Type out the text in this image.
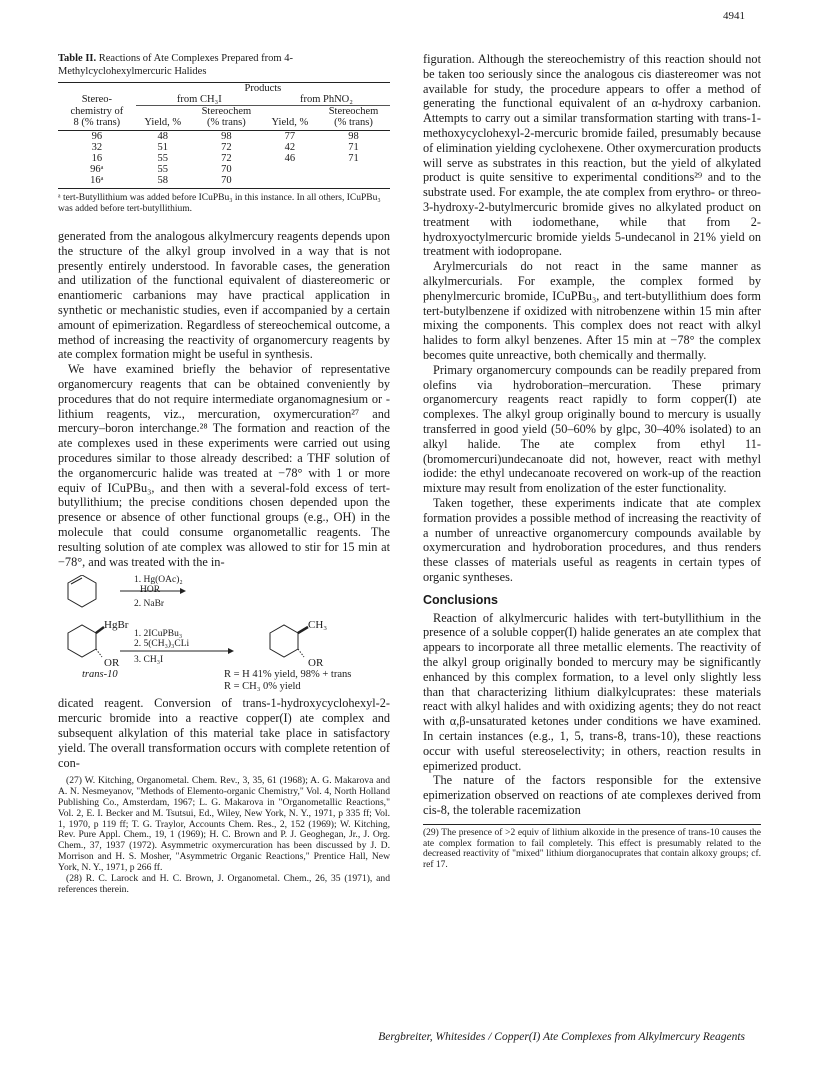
4941
Table II. Reactions of Ate Complexes Prepared from 4-Methylcyclohexylmercuric Halides
	Products			
Stereo-	from CH₃I		from PhNO₂	
chemistry of		Stereochem		Stereochem
8 (% trans)	Yield, %	(% trans)	Yield, %	(% trans)
96	48	98	77	98
32	51	72	42	71
16	55	72	46	71
96ᵃ	55	70		
16ᵃ	58	70		
ᵃ tert-Butyllithium was added before ICuPBu₃ in this instance. In all others, ICuPBu₃ was added before tert-butyllithium.

generated from the analogous alkylmercury reagents depends upon the structure of the alkyl group involved in a way that is not presently entirely understood. In favorable cases, the generation and utilization of the functional equivalent of diastereomeric or enantiomeric carbanions may have practical application in synthetic or mechanistic studies, even if accompanied by a certain amount of epimerization. Regardless of stereochemical outcome, a method of increasing the reactivity of organomercury reagents by ate complex formation might be useful in synthesis.

We have examined briefly the behavior of representative organomercury reagents that can be obtained conveniently by procedures that do not require intermediate organomagnesium or -lithium reagents, viz., mercuration, oxymercuration²⁷ and mercury–boron interchange.²⁸ The formation and reaction of the ate complexes used in these experiments were carried out using procedures similar to those already described: a THF solution of the organomercuric halide was treated at −78° with 1 or more equiv of ICuPBu₃, and then with a several-fold excess of tert-butyllithium; the precise conditions chosen depended upon the presence or absence of other functional groups (e.g., OH) in the molecule that could consume organometallic reagents. The resulting solution of ate complex was allowed to stir for 15 min at −78°, and was treated with the in-

1. Hg(OAc)₂
HOR
2. NaBr
HgBr
1. 2ICuPBu₃
2. 5(CH₃)₃CLi
3. CH₃I
OR
CH₃
OR
trans-10	R = H 41% yield, 98% + trans
R = CH₃ 0% yield

dicated reagent. Conversion of trans-1-hydroxycyclohexyl-2-mercuric bromide into a reactive copper(I) ate complex and subsequent alkylation of this material take place in satisfactory yield. The overall transformation occurs with complete retention of con-

(27) W. Kitching, Organometal. Chem. Rev., 3, 35, 61 (1968); A. G. Makarova and A. N. Nesmeyanov, "Methods of Elemento-organic Chemistry," Vol. 4, North Holland Publishing Co., Amsterdam, 1967; L. G. Makarova in "Organometallic Reactions," Vol. 2, E. I. Becker and M. Tsutsui, Ed., Wiley, New York, N. Y., 1971, p 335 ff; Vol. 1, 1970, p 119 ff; T. G. Traylor, Accounts Chem. Res., 2, 152 (1969); W. Kitching, Rev. Pure Appl. Chem., 19, 1 (1969); H. C. Brown and P. J. Geoghegan, Jr., J. Org. Chem., 37, 1937 (1972). Asymmetric oxymercuration has been discussed by J. D. Morrison and H. S. Mosher, "Asymmetric Organic Reactions," Prentice Hall, New York, N. Y., 1971, p 266 ff.

(28) R. C. Larock and H. C. Brown, J. Organometal. Chem., 26, 35 (1971), and references therein.

figuration. Although the stereochemistry of this reaction should not be taken too seriously since the analogous cis diastereomer was not available for study, the procedure appears to offer a method of generating the functional equivalent of an α-hydroxy carbanion. Attempts to carry out a similar transformation starting with trans-1-methoxycyclohexyl-2-mercuric bromide failed, presumably because of elimination yielding cyclohexene. Other oxymercuration products will serve as substrates in this reaction, but the yield of alkylated product is quite sensitive to experimental conditions²⁹ and to the substrate used. For example, the ate complex from erythro- or threo-3-hydroxy-2-butylmercuric bromide gives no alkylated product on treatment with iodomethane, while that from 2-hydroxyoctylmercuric bromide yields 5-undecanol in 21% yield on treatment with iodopropane.

Arylmercurials do not react in the same manner as alkylmercurials. For example, the complex formed by phenylmercuric bromide, ICuPBu₃, and tert-butyllithium does form tert-butylbenzene if oxidized with nitrobenzene within 15 min after mixing the components. This complex does not react with alkyl halides to form alkyl benzenes. After 15 min at −78° the complex becomes quite unreactive, both chemically and thermally.

Primary organomercury compounds can be readily prepared from olefins via hydroboration–mercuration. These primary organomercury reagents react rapidly to form copper(I) ate complexes. The alkyl group originally bound to mercury is usually transferred in good yield (50–60% by glpc, 30–40% isolated) to an alkyl halide. The ate complex from ethyl 11-(bromomercuri)undecanoate did not, however, react with methyl iodide: the ethyl undecanoate recovered on work-up of the reaction mixture may result from enolization of the ester functionality.

Taken together, these experiments indicate that ate complex formation provides a possible method of increasing the reactivity of a number of unreactive organomercury compounds available by oxymercuration and hydroboration procedures, and thus renders these classes of materials useful as reagents in certain types of organic syntheses.

Conclusions

Reaction of alkylmercuric halides with tert-butyllithium in the presence of a soluble copper(I) halide generates an ate complex that appears to incorporate all three metallic elements. The reactivity of the alkyl group originally bonded to mercury may be significantly enhanced by this complex formation, to a level only slightly less than that characterizing lithium dialkylcuprates: these materials react with alkyl halides and with oxidizing agents; they do not react with α,β-unsaturated ketones under conditions we have examined. In certain instances (e.g., 1, 5, trans-8, trans-10), these reactions occur with useful stereoselectivity; in others, reaction results in epimerized product.

The nature of the factors responsible for the extensive epimerization observed on reactions of ate complexes derived from cis-8, the tolerable racemization

(29) The presence of >2 equiv of lithium alkoxide in the presence of trans-10 causes the ate complex formation to fail completely. This effect is presumably related to the decreased reactivity of "mixed" lithium diorganocuprates that contain alkoxy groups; cf. ref 17.
Bergbreiter, Whitesides / Copper(I) Ate Complexes from Alkylmercury Reagents
